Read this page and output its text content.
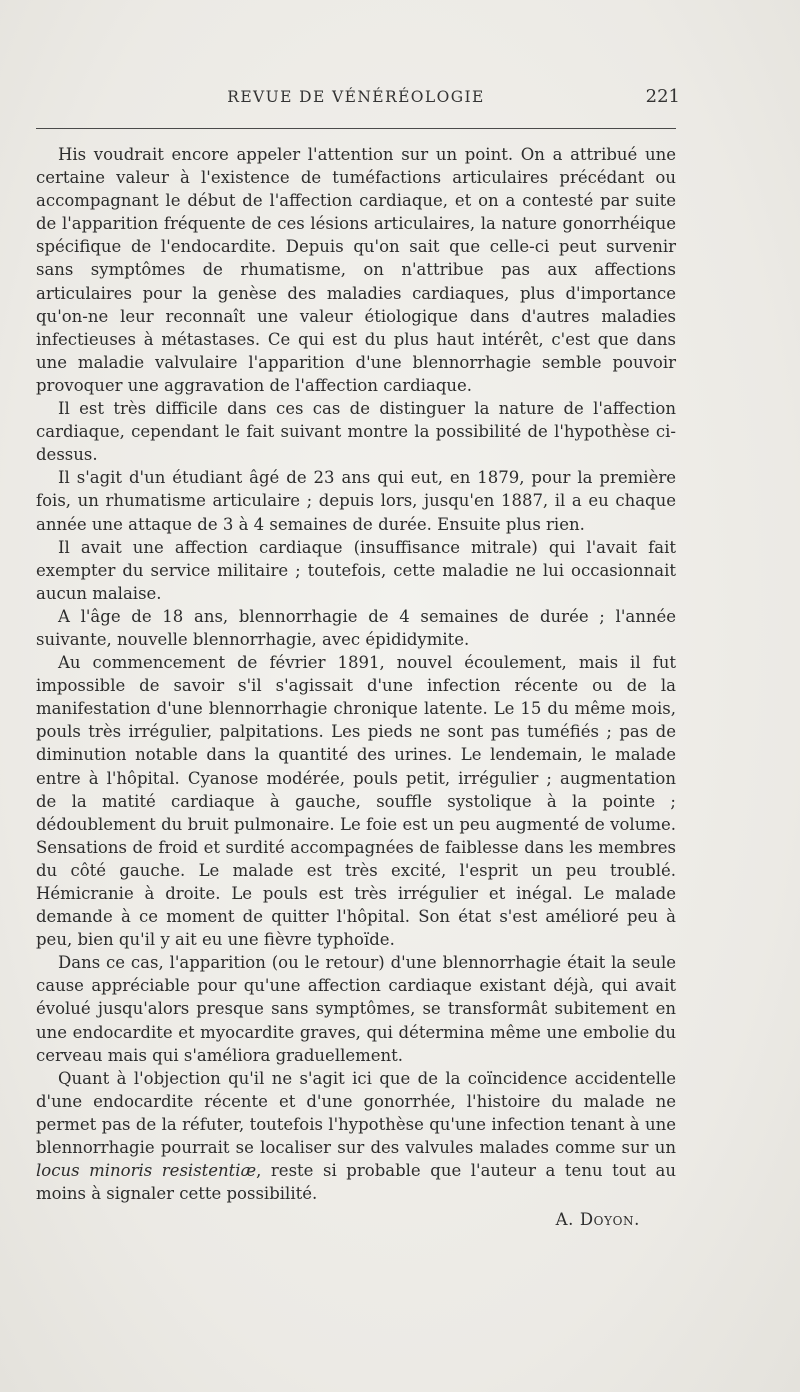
REVUE DE VÉNÉRÉOLOGIE	221

His voudrait encore appeler l'attention sur un point. On a attribué une certaine valeur à l'existence de tuméfactions articulaires précédant ou accompagnant le début de l'affection cardiaque, et on a contesté par suite de l'apparition fréquente de ces lésions articulaires, la nature gonorrhéique spécifique de l'endocardite. Depuis qu'on sait que celle-ci peut survenir sans symptômes de rhumatisme, on n'attribue pas aux affections articulaires pour la genèse des maladies cardiaques, plus d'importance qu'on-ne leur reconnaît une valeur étiologique dans d'autres maladies infectieuses à métastases. Ce qui est du plus haut intérêt, c'est que dans une maladie valvulaire l'apparition d'une blennorrhagie semble pouvoir provoquer une aggravation de l'affection cardiaque.

Il est très difficile dans ces cas de distinguer la nature de l'affection cardiaque, cependant le fait suivant montre la possibilité de l'hypothèse ci-dessus.

Il s'agit d'un étudiant âgé de 23 ans qui eut, en 1879, pour la première fois, un rhumatisme articulaire ; depuis lors, jusqu'en 1887, il a eu chaque année une attaque de 3 à 4 semaines de durée. Ensuite plus rien.

Il avait une affection cardiaque (insuffisance mitrale) qui l'avait fait exempter du service militaire ; toutefois, cette maladie ne lui occasionnait aucun malaise.

A l'âge de 18 ans, blennorrhagie de 4 semaines de durée ; l'année suivante, nouvelle blennorrhagie, avec épididymite.

Au commencement de février 1891, nouvel écoulement, mais il fut impossible de savoir s'il s'agissait d'une infection récente ou de la manifestation d'une blennorrhagie chronique latente. Le 15 du même mois, pouls très irrégulier, palpitations. Les pieds ne sont pas tuméfiés ; pas de diminution notable dans la quantité des urines. Le lendemain, le malade entre à l'hôpital. Cyanose modérée, pouls petit, irrégulier ; augmentation de la matité cardiaque à gauche, souffle systolique à la pointe ; dédoublement du bruit pulmonaire. Le foie est un peu augmenté de volume. Sensations de froid et surdité accompagnées de faiblesse dans les membres du côté gauche. Le malade est très excité, l'esprit un peu troublé. Hémicranie à droite. Le pouls est très irrégulier et inégal. Le malade demande à ce moment de quitter l'hôpital. Son état s'est amélioré peu à peu, bien qu'il y ait eu une fièvre typhoïde.

Dans ce cas, l'apparition (ou le retour) d'une blennorrhagie était la seule cause appréciable pour qu'une affection cardiaque existant déjà, qui avait évolué jusqu'alors presque sans symptômes, se transformât subitement en une endocardite et myocardite graves, qui détermina même une embolie du cerveau mais qui s'améliora graduellement.

Quant à l'objection qu'il ne s'agit ici que de la coïncidence accidentelle d'une endocardite récente et d'une gonorrhée, l'histoire du malade ne permet pas de la réfuter, toutefois l'hypothèse qu'une infection tenant à une blennorrhagie pourrait se localiser sur des valvules malades comme sur un locus minoris resistentiæ, reste si probable que l'auteur a tenu tout au moins à signaler cette possibilité.

A. Doyon.
